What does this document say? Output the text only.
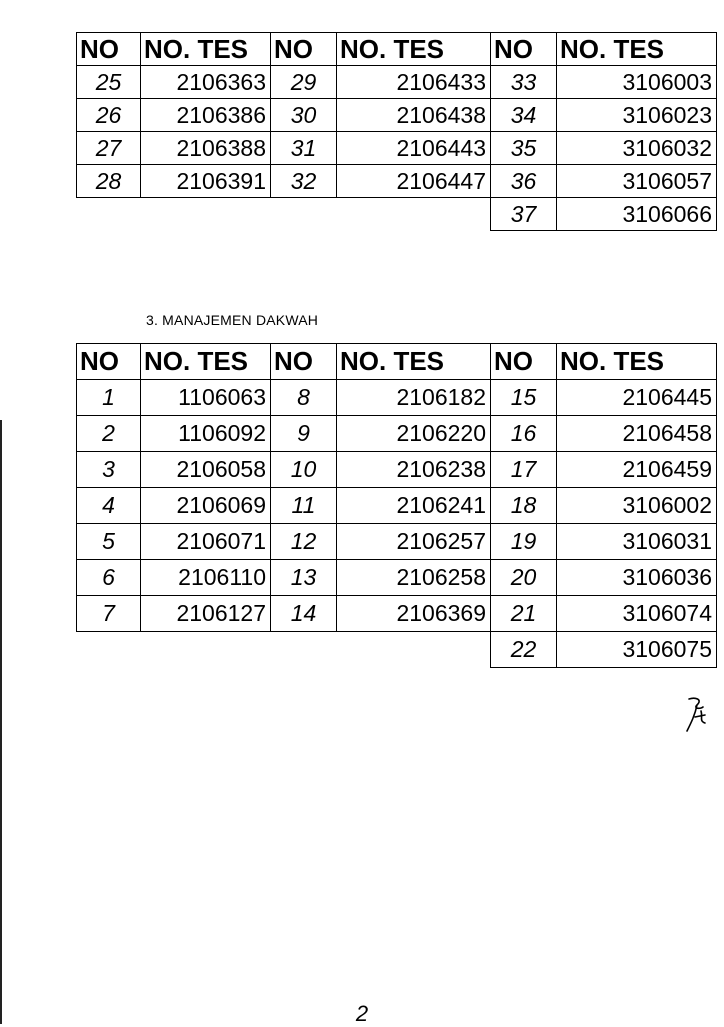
NO	NO. TES	NO	NO. TES	NO	NO. TES
25	2106363	29	2106433	33	3106003
26	2106386	30	2106438	34	3106023
27	2106388	31	2106443	35	3106032
28	2106391	32	2106447	36	3106057
				37	3106066
3. MANAJEMEN DAKWAH
NO	NO. TES	NO	NO. TES	NO	NO. TES
1	1106063	8	2106182	15	2106445
2	1106092	9	2106220	16	2106458
3	2106058	10	2106238	17	2106459
4	2106069	11	2106241	18	3106002
5	2106071	12	2106257	19	3106031
6	2106110	13	2106258	20	3106036
7	2106127	14	2106369	21	3106074
				22	3106075
2
